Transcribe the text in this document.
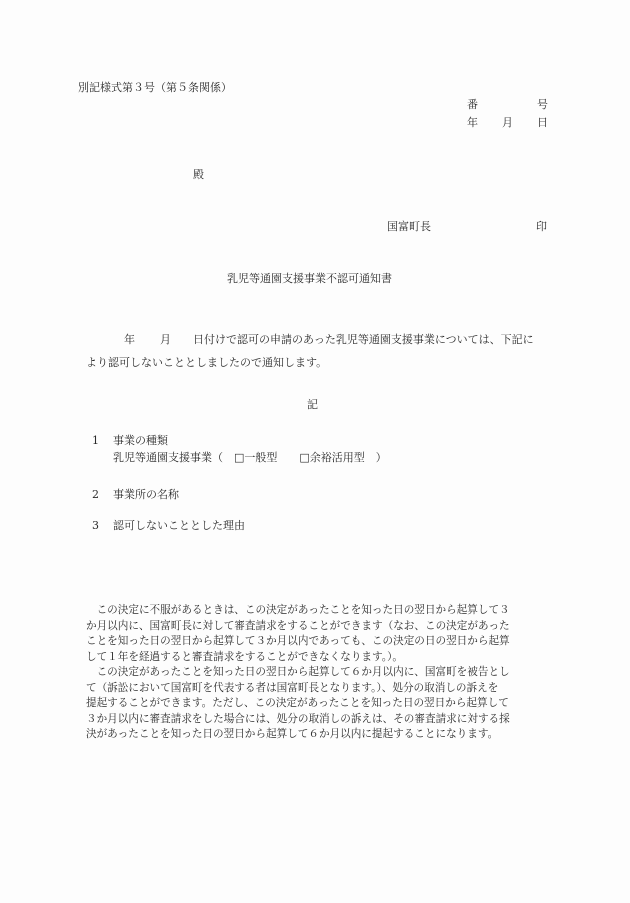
別記様式第３号（第５条関係）
番	号
年 月 日
殿
国富町長	印
乳児等通園支援事業不認可通知書
年 月 日付けで認可の申請のあった乳児等通園支援事業については、下記に
より認可しないこととしましたので通知します。
記
1 事業の種類
乳児等通園支援事業（　□一般型　　□余裕活用型　）
2 事業所の名称
3 認可しないこととした理由
　この決定に不服があるときは、この決定があったことを知った日の翌日から起算して３
か月以内に、国富町長に対して審査請求をすることができます（なお、この決定があった
ことを知った日の翌日から起算して３か月以内であっても、この決定の日の翌日から起算
して１年を経過すると審査請求をすることができなくなります。）。
　この決定があったことを知った日の翌日から起算して６か月以内に、国富町を被告とし
て（訴訟において国富町を代表する者は国富町長となります。）、処分の取消しの訴えを
提起することができます。ただし、この決定があったことを知った日の翌日から起算して
３か月以内に審査請求をした場合には、処分の取消しの訴えは、その審査請求に対する採
決があったことを知った日の翌日から起算して６か月以内に提起することになります。
